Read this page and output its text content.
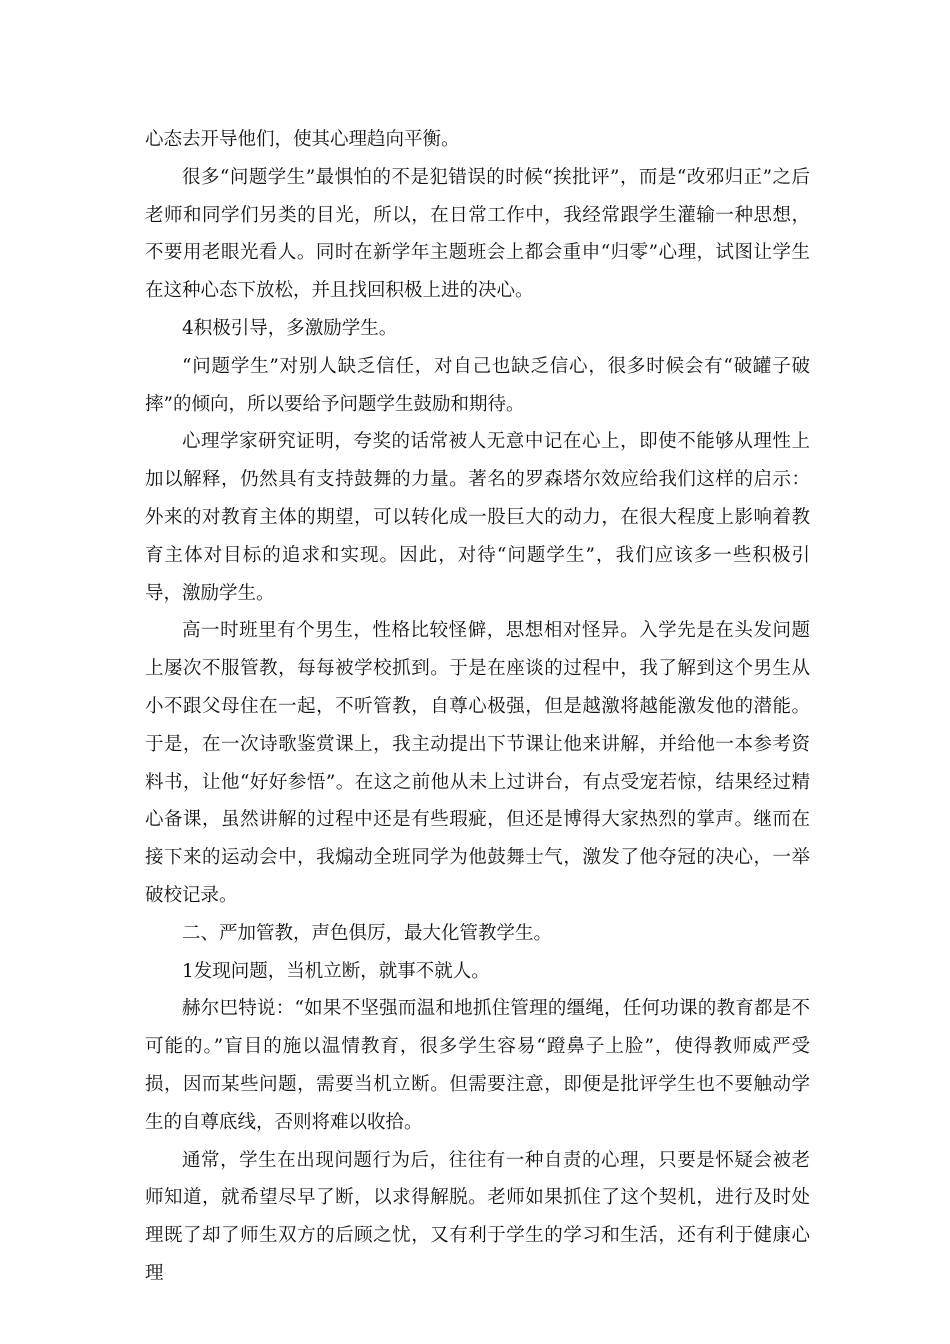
心态去开导他们，使其心理趋向平衡。

很多“问题学生”最惧怕的不是犯错误的时候“挨批评”，而是“改邪归正”之后老师和同学们另类的目光，所以，在日常工作中，我经常跟学生灌输一种思想，不要用老眼光看人。同时在新学年主题班会上都会重申“归零”心理，试图让学生在这种心态下放松，并且找回积极上进的决心。

4积极引导，多激励学生。

“问题学生”对别人缺乏信任，对自己也缺乏信心，很多时候会有“破罐子破摔”的倾向，所以要给予问题学生鼓励和期待。

心理学家研究证明，夸奖的话常被人无意中记在心上，即使不能够从理性上加以解释，仍然具有支持鼓舞的力量。著名的罗森塔尔效应给我们这样的启示：外来的对教育主体的期望，可以转化成一股巨大的动力，在很大程度上影响着教育主体对目标的追求和实现。因此，对待“问题学生”，我们应该多一些积极引导，激励学生。

高一时班里有个男生，性格比较怪僻，思想相对怪异。入学先是在头发问题上屡次不服管教，每每被学校抓到。于是在座谈的过程中，我了解到这个男生从小不跟父母住在一起，不听管教，自尊心极强，但是越激将越能激发他的潜能。于是，在一次诗歌鉴赏课上，我主动提出下节课让他来讲解，并给他一本参考资料书，让他“好好参悟”。在这之前他从未上过讲台，有点受宠若惊，结果经过精心备课，虽然讲解的过程中还是有些瑕疵，但还是博得大家热烈的掌声。继而在接下来的运动会中，我煽动全班同学为他鼓舞士气，激发了他夺冠的决心，一举破校记录。

二、严加管教，声色俱厉，最大化管教学生。

1发现问题，当机立断，就事不就人。

赫尔巴特说：“如果不坚强而温和地抓住管理的缰绳，任何功课的教育都是不可能的。”盲目的施以温情教育，很多学生容易“蹬鼻子上脸”，使得教师威严受损，因而某些问题，需要当机立断。但需要注意，即便是批评学生也不要触动学生的自尊底线，否则将难以收拾。

通常，学生在出现问题行为后，往往有一种自责的心理，只要是怀疑会被老师知道，就希望尽早了断，以求得解脱。老师如果抓住了这个契机，进行及时处理既了却了师生双方的后顾之忧，又有利于学生的学习和生活，还有利于健康心理
